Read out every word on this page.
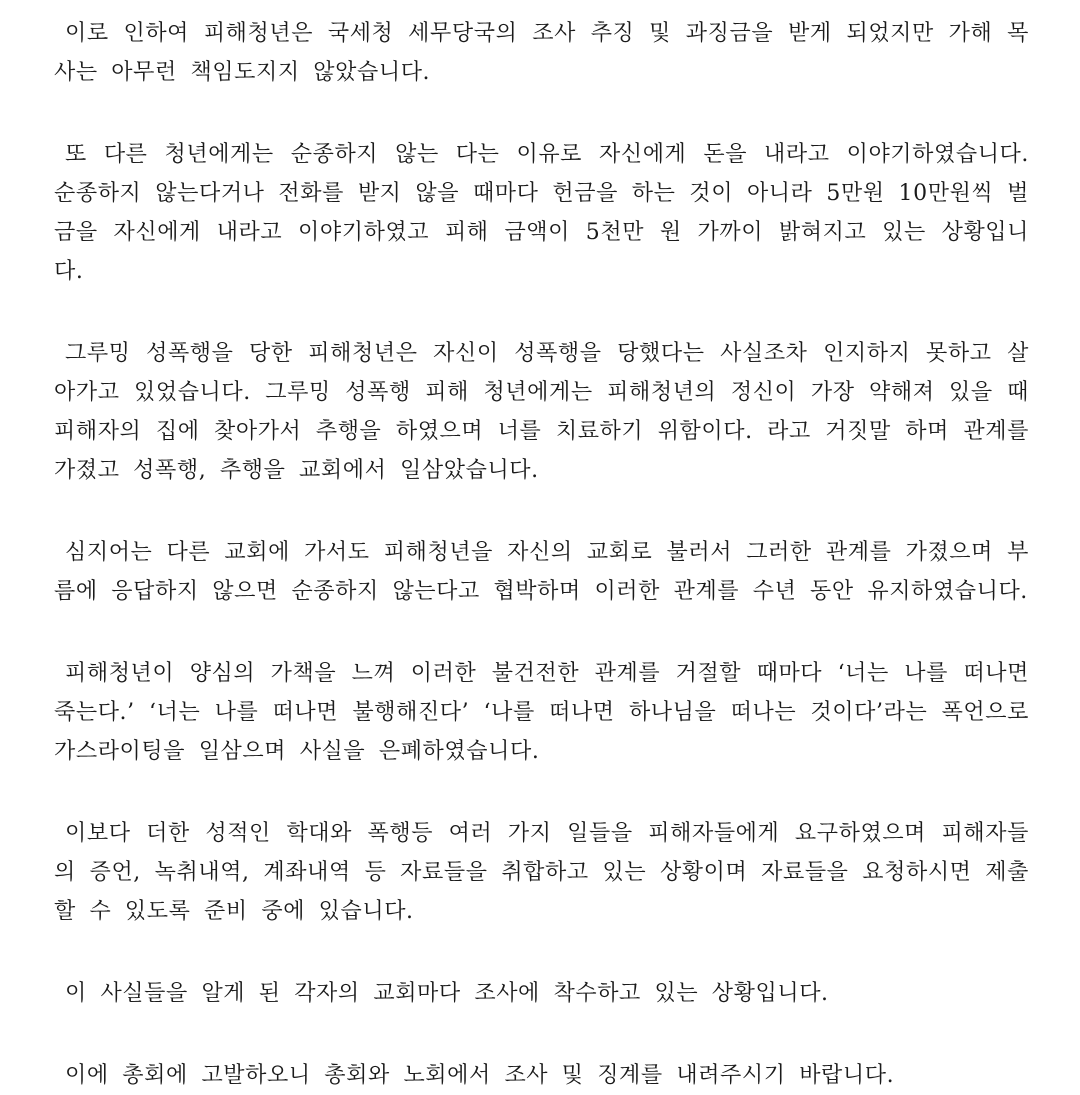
이로 인하여 피해청년은 국세청 세무당국의 조사 추징 및 과징금을 받게 되었지만 가해 목사는 아무런 책임도지지 않았습니다.

또 다른 청년에게는 순종하지 않는 다는 이유로 자신에게 돈을 내라고 이야기하였습니다. 순종하지 않는다거나 전화를 받지 않을 때마다 헌금을 하는 것이 아니라 5만원 10만원씩 벌금을 자신에게 내라고 이야기하였고 피해 금액이 5천만 원 가까이 밝혀지고 있는 상황입니다.

그루밍 성폭행을 당한 피해청년은 자신이 성폭행을 당했다는 사실조차 인지하지 못하고 살아가고 있었습니다. 그루밍 성폭행 피해 청년에게는 피해청년의 정신이 가장 약해져 있을 때 피해자의 집에 찾아가서 추행을 하였으며 너를 치료하기 위함이다. 라고 거짓말 하며 관계를 가졌고 성폭행, 추행을 교회에서 일삼았습니다.

심지어는 다른 교회에 가서도 피해청년을 자신의 교회로 불러서 그러한 관계를 가졌으며 부름에 응답하지 않으면 순종하지 않는다고 협박하며 이러한 관계를 수년 동안 유지하였습니다.

피해청년이 양심의 가책을 느껴 이러한 불건전한 관계를 거절할 때마다 ‘너는 나를 떠나면 죽는다.’ ‘너는 나를 떠나면 불행해진다’ ‘나를 떠나면 하나님을 떠나는 것이다’라는 폭언으로 가스라이팅을 일삼으며 사실을 은폐하였습니다.

이보다 더한 성적인 학대와 폭행등 여러 가지 일들을 피해자들에게 요구하였으며 피해자들의 증언, 녹취내역, 계좌내역 등 자료들을 취합하고 있는 상황이며 자료들을 요청하시면 제출할 수 있도록 준비 중에 있습니다.

이 사실들을 알게 된 각자의 교회마다 조사에 착수하고 있는 상황입니다.

이에 총회에 고발하오니 총회와 노회에서 조사 및 징계를 내려주시기 바랍니다.
